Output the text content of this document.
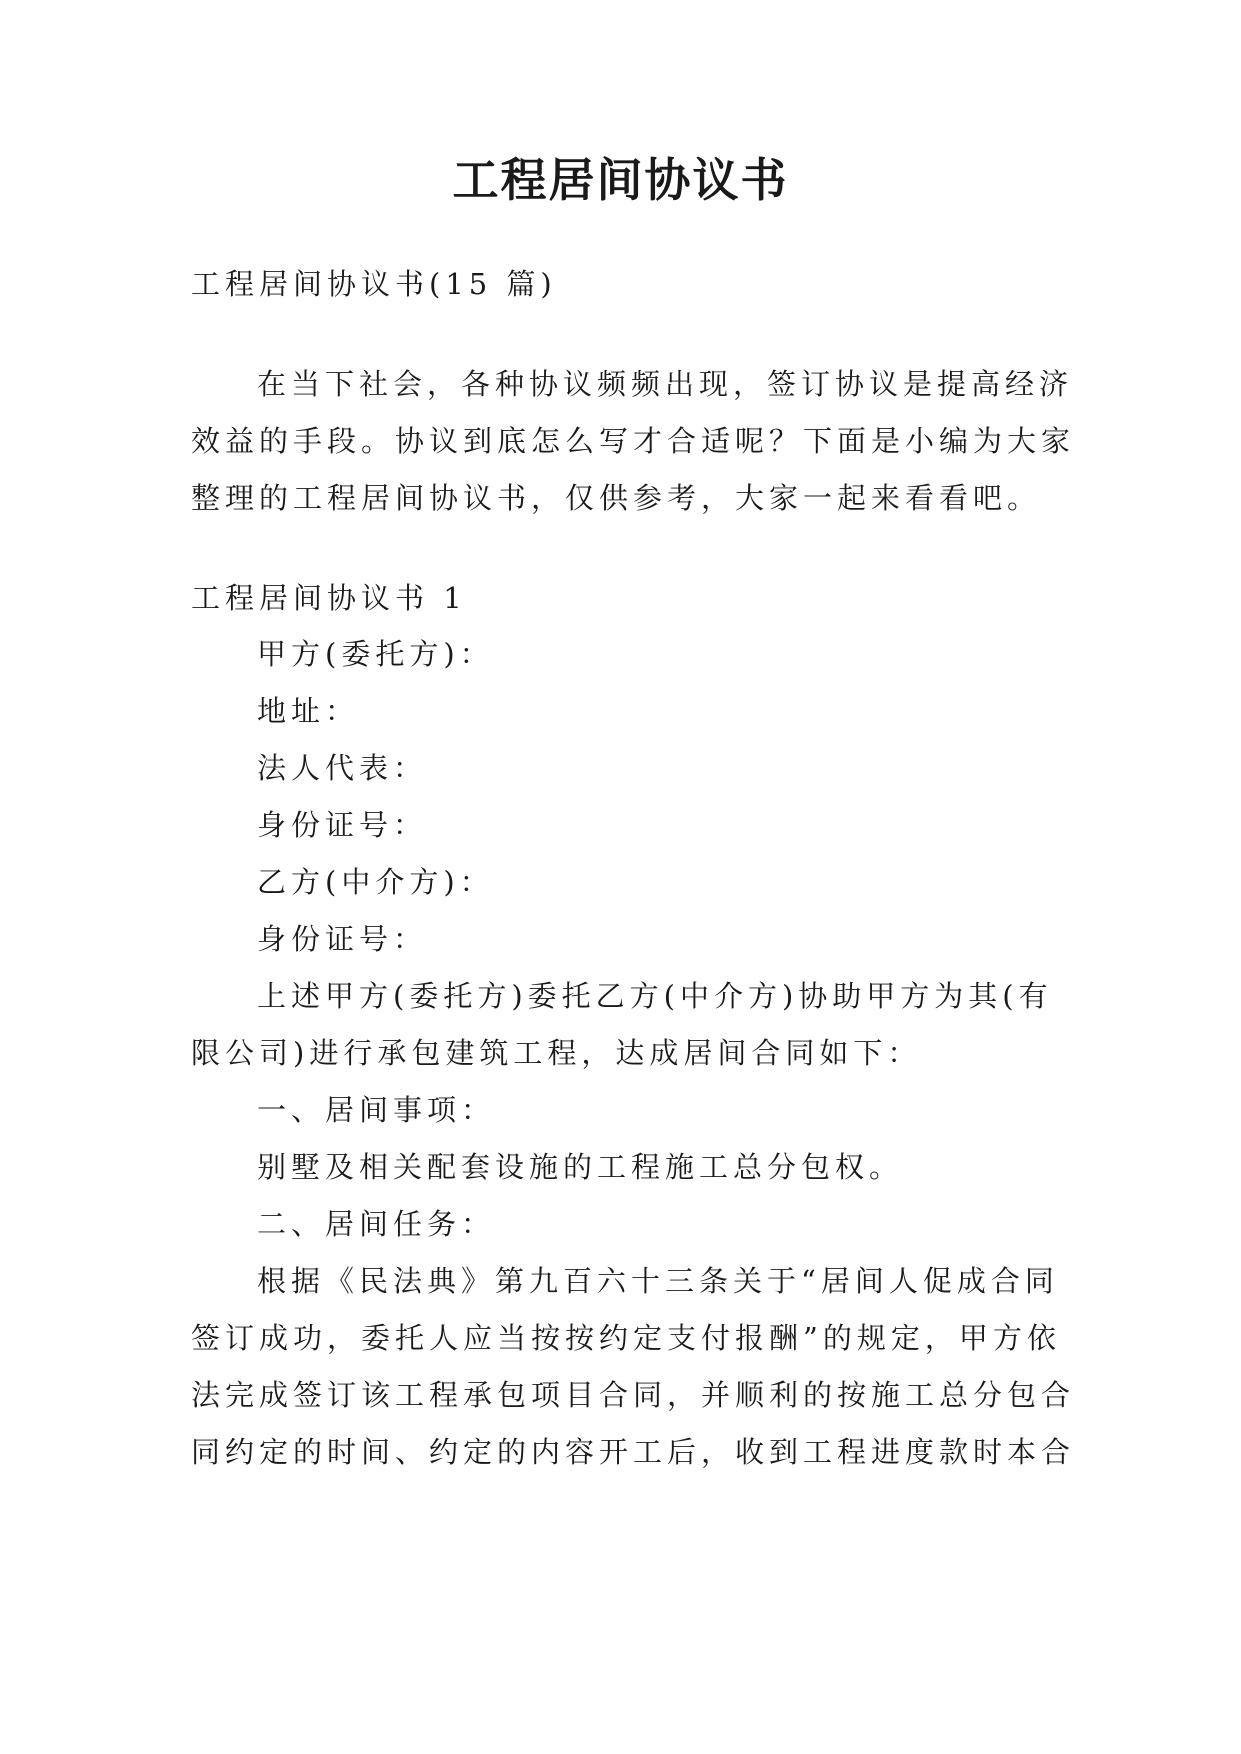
工程居间协议书
工程居间协议书(15 篇)
在当下社会，各种协议频频出现，签订协议是提高经济
效益的手段。协议到底怎么写才合适呢？下面是小编为大家
整理的工程居间协议书，仅供参考，大家一起来看看吧。
工程居间协议书 1
甲方(委托方)：
地址：
法人代表：
身份证号：
乙方(中介方)：
身份证号：
上述甲方(委托方)委托乙方(中介方)协助甲方为其(有
限公司)进行承包建筑工程，达成居间合同如下：
一、居间事项：
别墅及相关配套设施的工程施工总分包权。
二、居间任务：
根据《民法典》第九百六十三条关于“居间人促成合同
签订成功，委托人应当按按约定支付报酬”的规定，甲方依
法完成签订该工程承包项目合同，并顺利的按施工总分包合
同约定的时间、约定的内容开工后，收到工程进度款时本合
